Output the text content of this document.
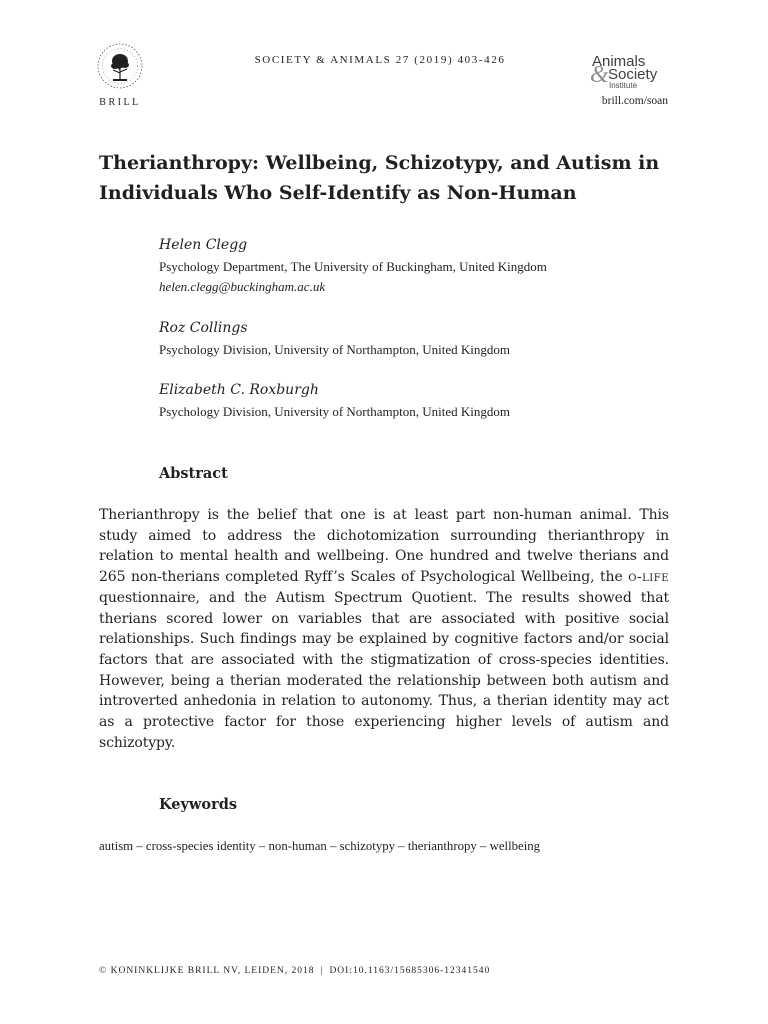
BRILL
SOCIETY & ANIMALS 27 (2019) 403-426	Animals
& Society
Institute
brill.com/soan
Therianthropy: Wellbeing, Schizotypy, and Autism in Individuals Who Self-Identify as Non-Human
Helen Clegg
Psychology Department, The University of Buckingham, United Kingdom
helen.clegg@buckingham.ac.uk
Roz Collings
Psychology Division, University of Northampton, United Kingdom
Elizabeth C. Roxburgh
Psychology Division, University of Northampton, United Kingdom
Abstract

Therianthropy is the belief that one is at least part non-human animal. This study aimed to address the dichotomization surrounding therianthropy in relation to mental health and wellbeing. One hundred and twelve therians and 265 non-therians completed Ryff’s Scales of Psychological Wellbeing, the o-life questionnaire, and the Autism Spectrum Quotient. The results showed that therians scored lower on variables that are associated with positive social relationships. Such findings may be explained by cognitive factors and/​or social factors that are associated with the stigmatization of cross-species identities. However, being a therian moderated the relationship between both autism and introverted anhedonia in relation to autonomy. Thus, a therian identity may act as a protective factor for those experiencing higher levels of autism and schizotypy.

Keywords
autism – cross-species identity – non-human – schizotypy – therianthropy – wellbeing
© KONINKLIJKE BRILL NV, LEIDEN, 2018 | DOI:10.1163/15685306-12341540
